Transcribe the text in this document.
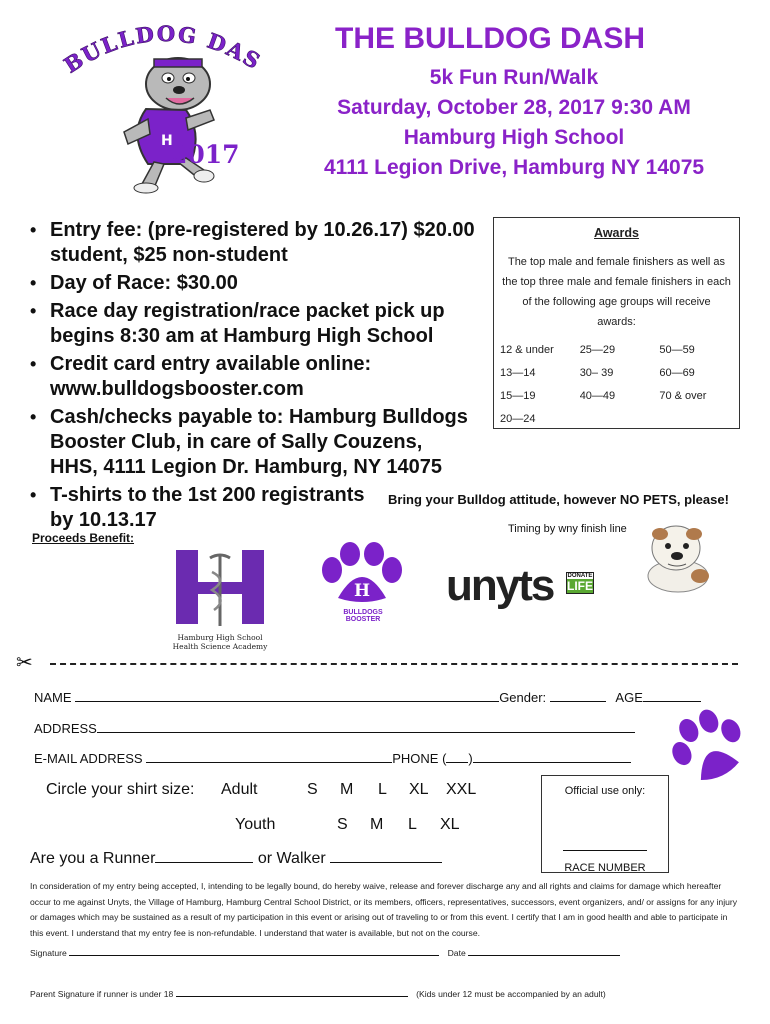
BULLDOG DAS
H
2017
THE BULLDOG DASH
5k Fun Run/Walk
Saturday, October 28, 2017 9:30 AM
Hamburg High School
4111 Legion Drive, Hamburg NY 14075
• Entry fee: (pre-registered by 10.26.17) $20.00 student, $25 non-student
• Day of Race: $30.00
• Race day registration/race packet pick up begins 8:30 am at Hamburg High School
• Credit card entry available online: www.bulldogsbooster.com
• Cash/checks payable to: Hamburg Bulldogs Booster Club, in care of Sally Couzens, HHS, 4111 Legion Dr. Hamburg, NY 14075
• T-shirts to the 1st 200 registrants by 10.13.17
Awards
The top male and female finishers as well as the top three male and female finishers in each of the following age groups will receive awards:
12 & under	25—29	50—59
13—14	30– 39	60—69
15—19	40—49	70 & over
20—24		
Bring your Bulldog attitude, however NO PETS, please!
Timing by wny finish line
Proceeds Benefit:
Hamburg High School
Health Science Academy
H
BULLDOGS
BOOSTER
unyts DONATE
LIFE
✂
NAME	Gender:	AGE
ADDRESS
E-MAIL ADDRESS	PHONE ( )
Circle your shirt size: Adult	S M L XL XXL
Youth	S M L XL
Are you a Runner	or Walker
Official use only:
RACE NUMBER
In consideration of my entry being accepted, I, intending to be legally bound, do hereby waive, release and forever discharge any and all rights and claims for damage which hereafter occur to me against Unyts, the Village of Hamburg, Hamburg Central School District, or its members, officers, representatives, successors, event organizers, and/ or assigns for any injury or damages which may be sustained as a result of my participation in this event or arising out of traveling to or from this event. I certify that I am in good health and able to participate in this event. I understand that my entry fee is non-refundable. I understand that water is available, but not on the course.
Signature	Date
Parent Signature if runner is under 18	(Kids under 12 must be accompanied by an adult)
